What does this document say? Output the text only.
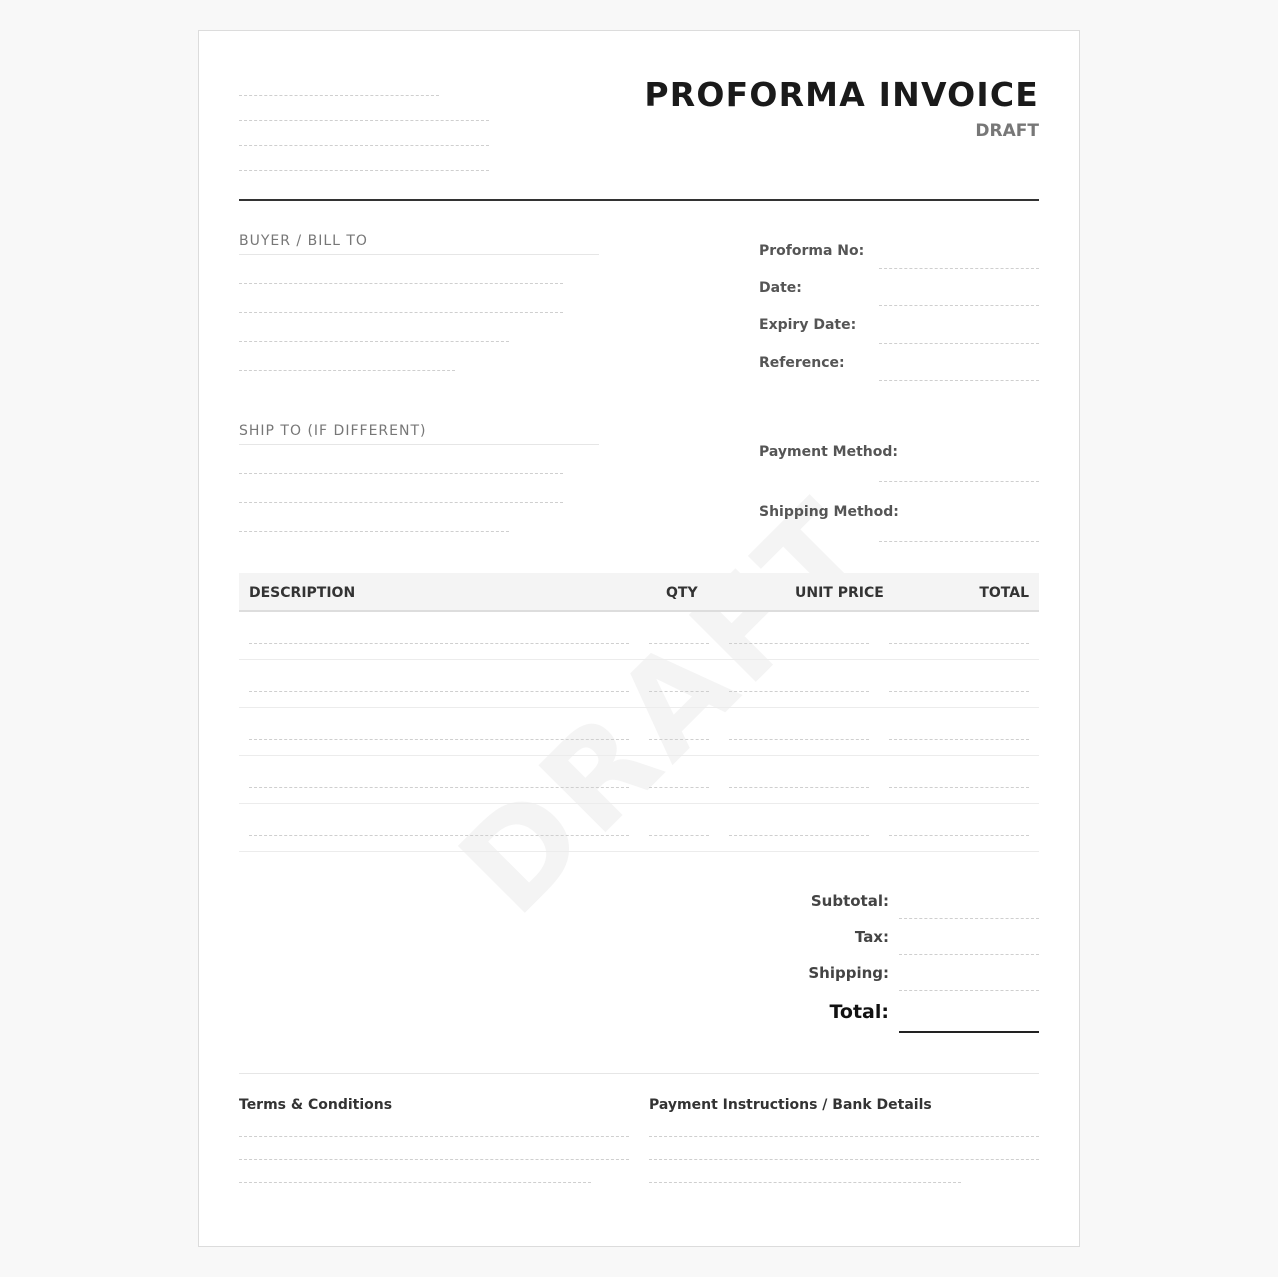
PROFORMA INVOICE
DRAFT
BUYER / BILL TO
SHIP TO (IF DIFFERENT)
Proforma No:
Date:
Expiry Date:
Reference:
Payment Method:
Shipping Method:
DESCRIPTION	QTY	UNIT PRICE	TOTAL
Subtotal:
Tax:
Shipping:
Total:
Terms & Conditions	Payment Instructions / Bank Details
